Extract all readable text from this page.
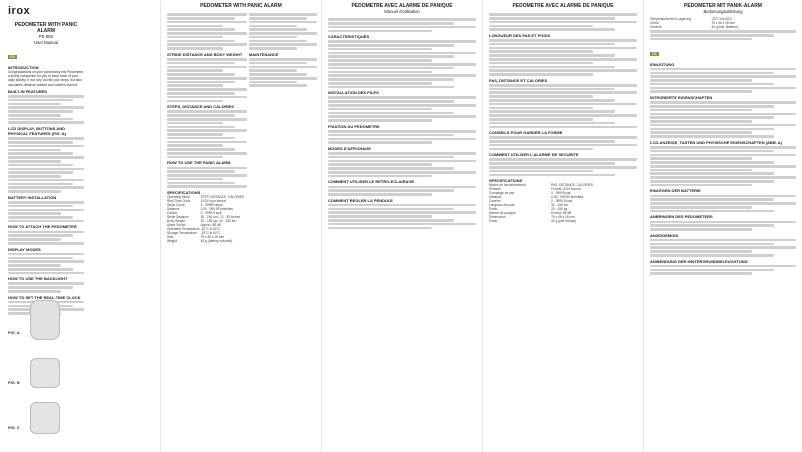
irox
PEDOMETER WITH PANIC ALARM
PE-80S
User Manual
EN
INTRODUCTION
Congratulations on your purchasing this Pedometer, a lovely companion for you to keep track of your daily activity. It not only counts your steps, but also calculates distance walked and calories burned.
BUILT-IN FEATURES
LCD DISPLAY, BUTTONS AND PHYSICAL FEATURES (FIG. A)
BATTERY INSTALLATION
HOW TO ATTACH THE PEDOMETER
DISPLAY MODES
HOW TO USE THE BACKLIGHT
HOW TO SET THE REAL-TIME CLOCK
FIG. A
FIG. B
FIG. C
PEDOMETER WITH PANIC ALARM
STRIDE DISTANCE AND BODY WEIGHT
STEPS, DISTANCE AND CALORIES
HOW TO USE THE PANIC ALARM
SPECIFICATIONS
Operating Mode	STEP, DISTANCE, CALORIES
Real Time Clock	12/24 hour format
Steps Count	0 - 99999 steps
Distance	0.00 - 999.99 km/miles
Calorie	0 - 9999.9 kcal
Stride Distance	30 - 150 cm / 12 - 59 inches
Body Weight	20 - 150 kg / 44 - 330 lbs
Alarm Sound	Approx. 85 dB
Operation Temperature -10°C to 60°C
Storage Temperature	-20°C to 60°C
Size	79 x 46 x 18 mm
Weight	40 g (battery included)
MAINTENANCE
PEDOMETRE AVEC ALARME DE PANIQUE
Manuel d'utilisation
CARACTERISTIQUES
INSTALLATION DES PILES
FIXATION DU PEDOMETRE
MODES D'AFFICHAGE
COMMENT UTILISER LE RETRO-ECLAIRAGE
COMMENT REGLER LA PENDULE
PEDOMETRE AVEC ALARME DE PANIQUE
LONGUEUR DES PAS ET POIDS
PAS, DISTANCE ET CALORIES
CONSEILS POUR GARDER LA FORME
COMMENT UTILISER L'ALARME DE SECURITE
SPECIFICATIONS
Modes de fonctionnement	PAS, DISTANCE, CALORIES
Pendule	Format 12/24 heures
Comptage de pas	0 - 99999 pas
Distance	0.00 - 999.99 km/miles
Calories	0 - 9999.9 kcal
Longueur des pas	30 - 150 cm
Poids	20 - 150 kg
Alarme de panique	Environ 85 dB
Dimensions	79 x 46 x 18 mm
Poids	40 g (pile incluse)
PEDOMETER MIT PANIK-ALARM
Bedienungsanleitung
Temperaturbereich Lagerung	-20°C bis 60°C
Größe	79 x 46 x 18 mm
Gewicht	40 g (inkl. Batterie)
DE
EINLEITUNG
INTEGRIERTE EIGENSCHAFTEN
LCD-ANZEIGE, TASTEN UND PHYSISCHE EIGENSCHAFTEN (ABB. A)
EINLEGEN DER BATTERIE
ANBRINGEN DES PEDOMETERS
ANZEIGEMODI
ANWENDUNG DER HINTERGRUNDBELEUCHTUNG
